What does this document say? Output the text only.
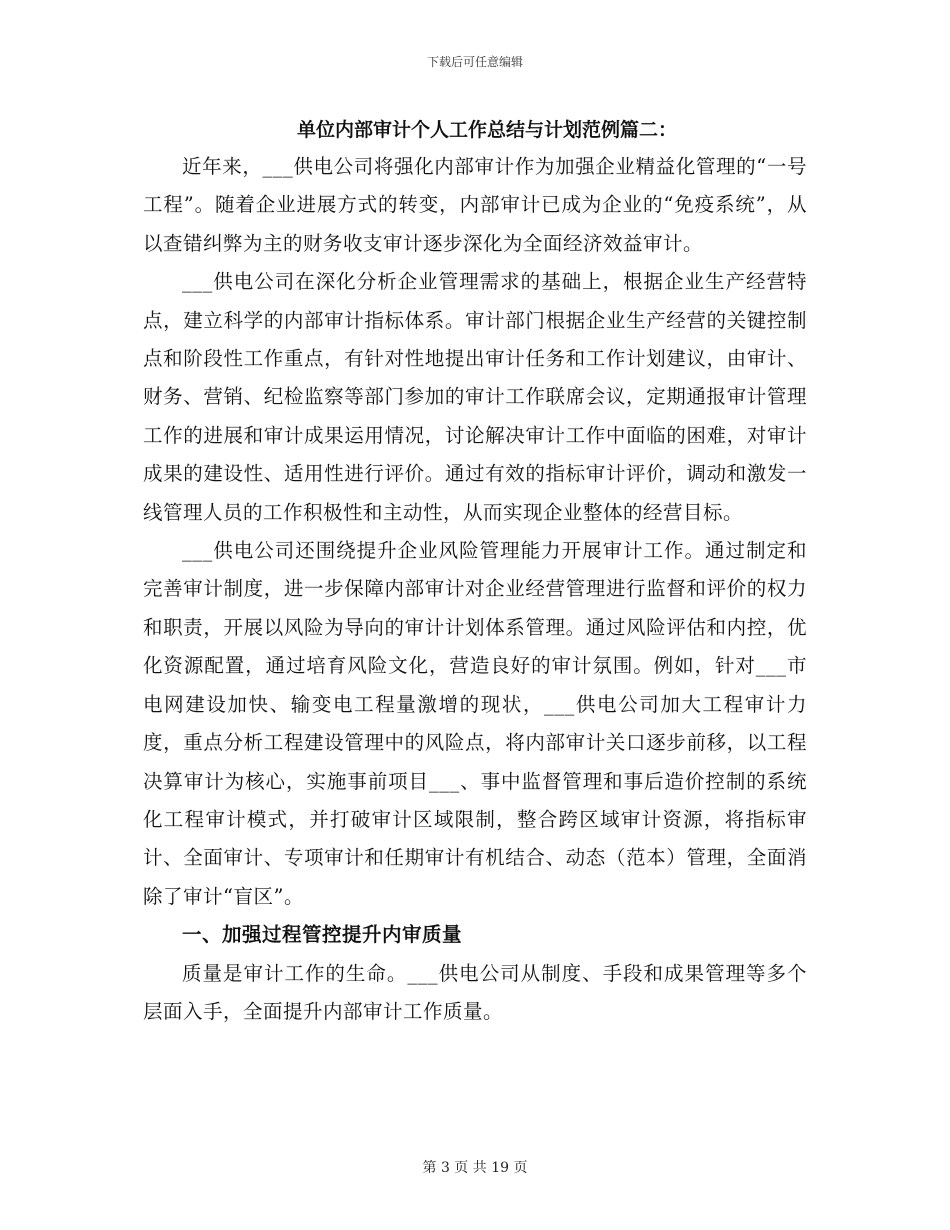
下载后可任意编辑
单位内部审计个人工作总结与计划范例篇二：

近年来，___供电公司将强化内部审计作为加强企业精益化管理的“一号工程”。随着企业进展方式的转变，内部审计已成为企业的“免疫系统”，从以查错纠弊为主的财务收支审计逐步深化为全面经济效益审计。

___供电公司在深化分析企业管理需求的基础上，根据企业生产经营特点，建立科学的内部审计指标体系。审计部门根据企业生产经营的关键控制点和阶段性工作重点，有针对性地提出审计任务和工作计划建议，由审计、财务、营销、纪检监察等部门参加的审计工作联席会议，定期通报审计管理工作的进展和审计成果运用情况，讨论解决审计工作中面临的困难，对审计成果的建设性、适用性进行评价。通过有效的指标审计评价，调动和激发一线管理人员的工作积极性和主动性，从而实现企业整体的经营目标。

___供电公司还围绕提升企业风险管理能力开展审计工作。通过制定和完善审计制度，进一步保障内部审计对企业经营管理进行监督和评价的权力和职责，开展以风险为导向的审计计划体系管理。通过风险评估和内控，优化资源配置，通过培育风险文化，营造良好的审计氛围。例如，针对___市电网建设加快、输变电工程量激增的现状，___供电公司加大工程审计力度，重点分析工程建设管理中的风险点，将内部审计关口逐步前移，以工程决算审计为核心，实施事前项目___、事中监督管理和事后造价控制的系统化工程审计模式，并打破审计区域限制，整合跨区域审计资源，将指标审计、全面审计、专项审计和任期审计有机结合、动态（范本）管理，全面消除了审计“盲区”。

一、加强过程管控提升内审质量

质量是审计工作的生命。___供电公司从制度、手段和成果管理等多个层面入手，全面提升内部审计工作质量。

第 3 页 共 19 页
